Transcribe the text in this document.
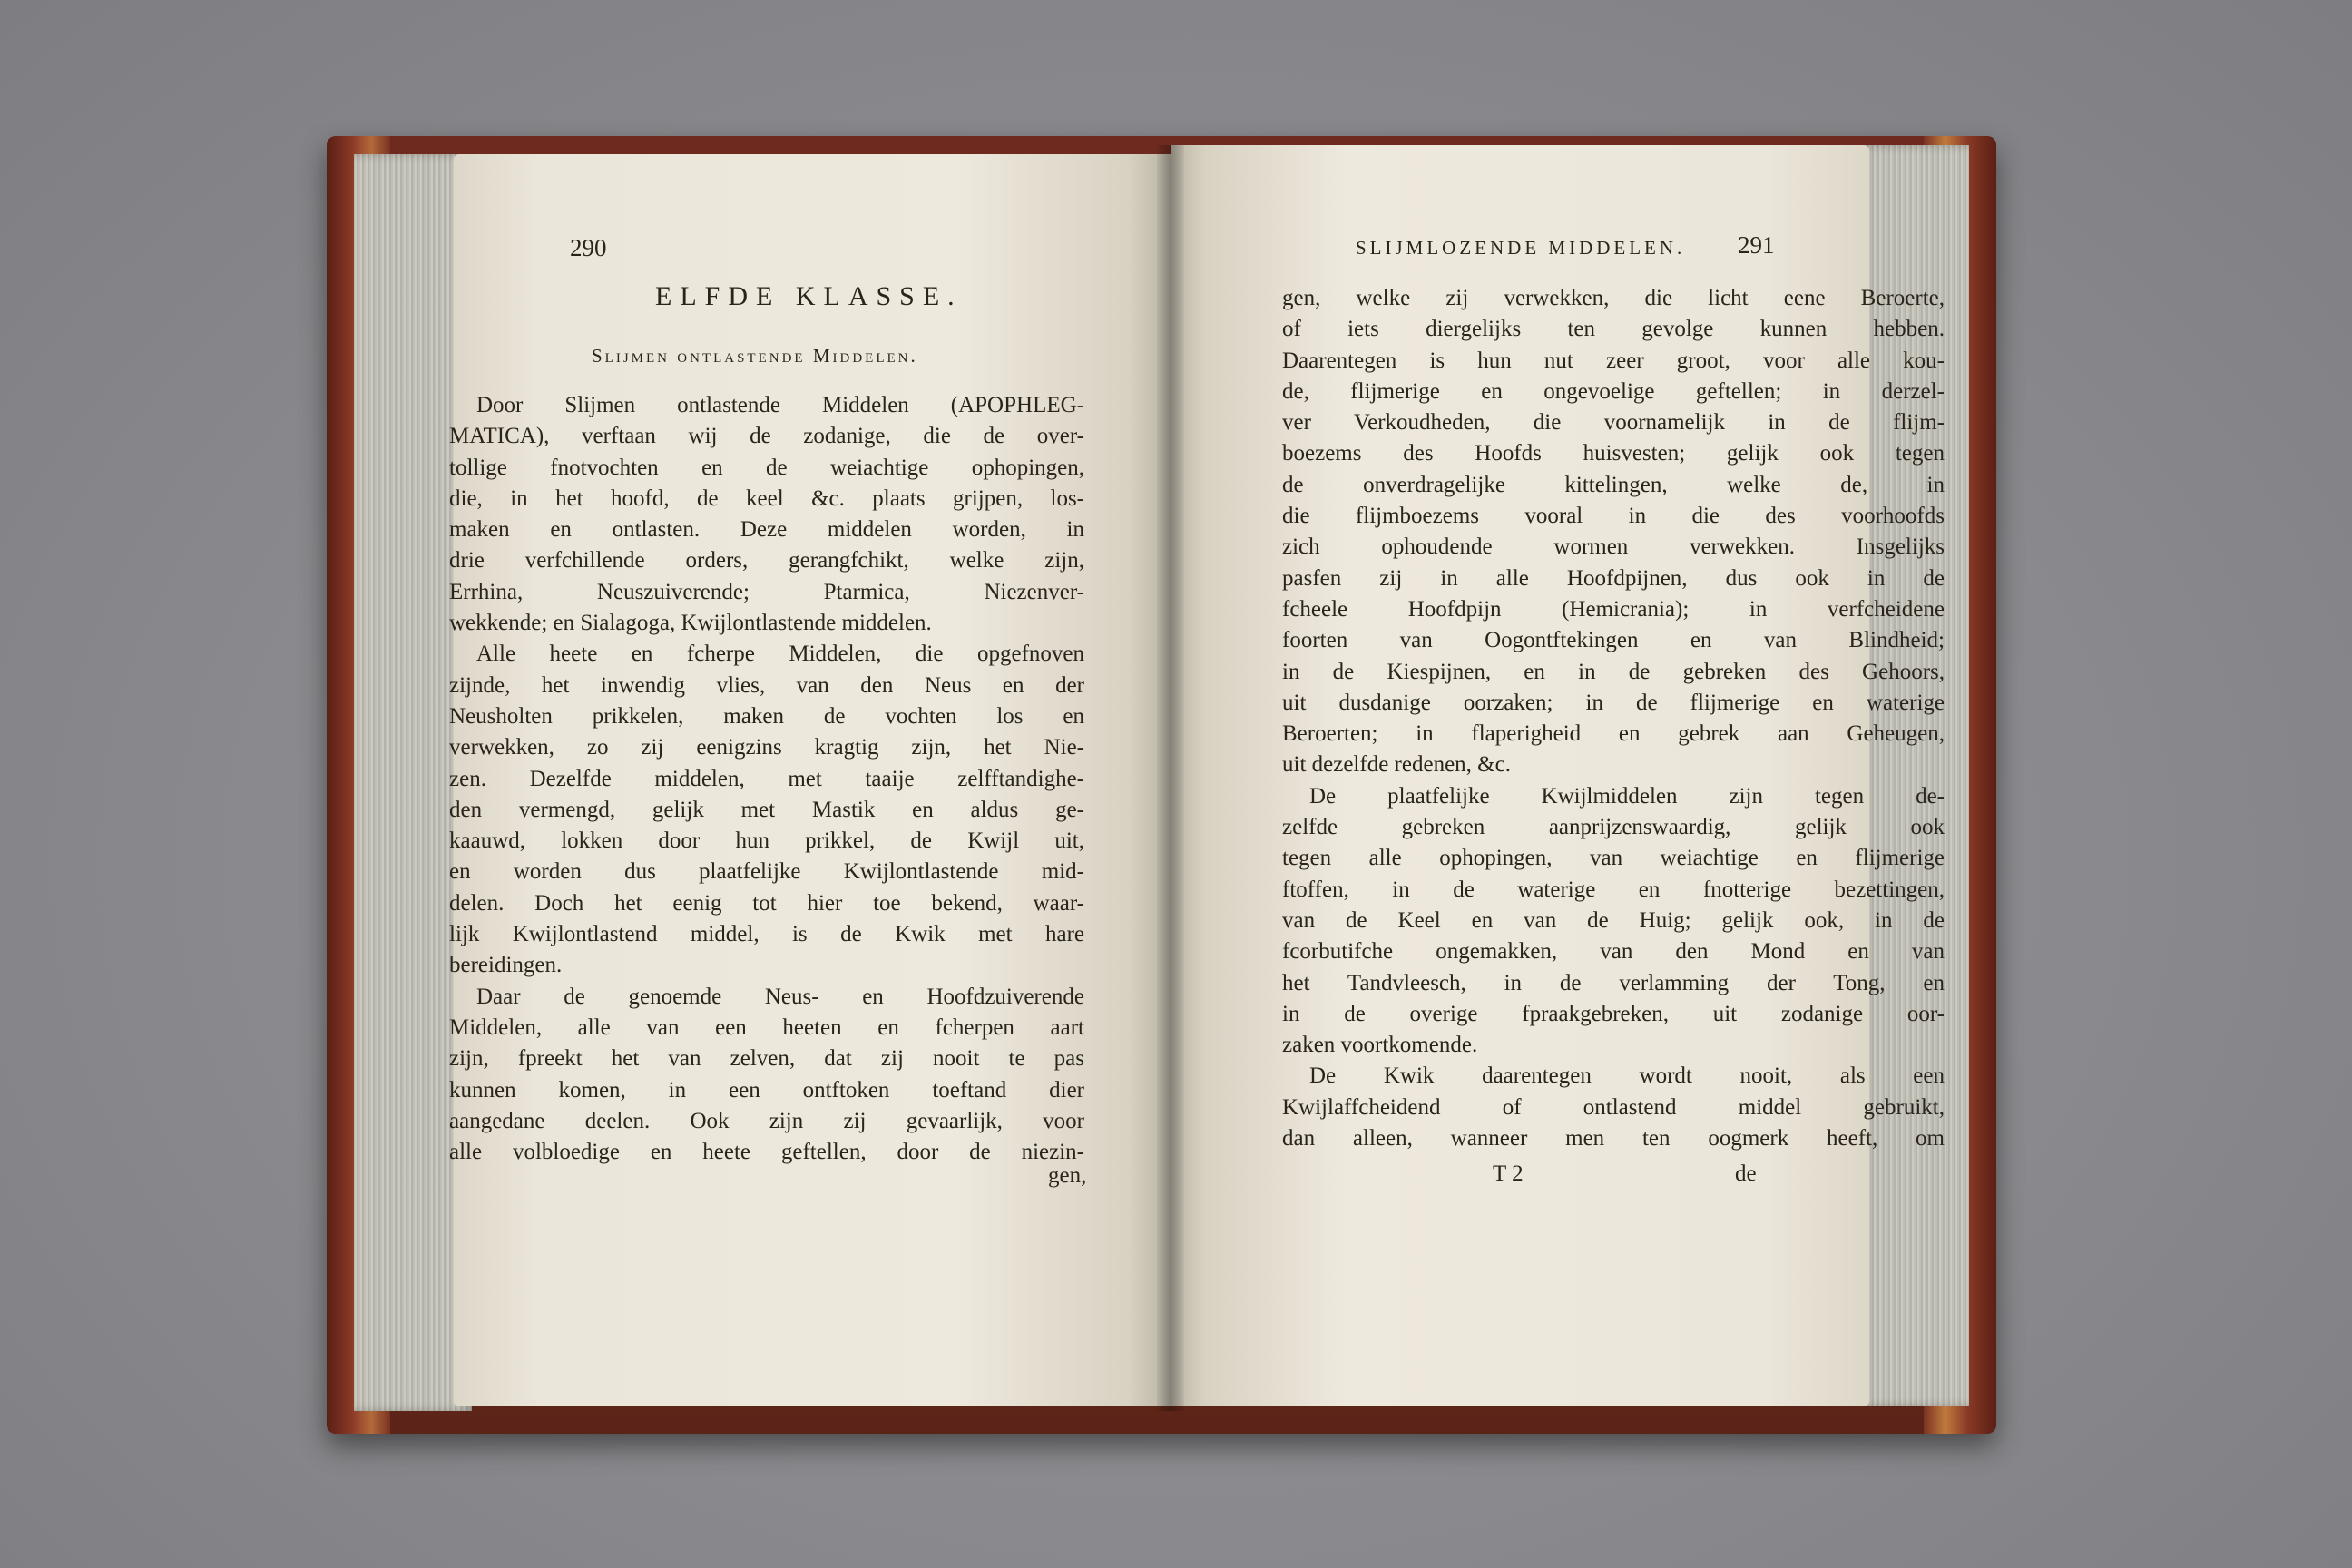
290
ELFDE KLASSE.
Slijmen ontlastende Middelen.
Door Slijmen ontlastende Middelen (APOPHLEG-
MATICA), verftaan wij de zodanige, die de over-
tollige fnotvochten en de weiachtige ophopingen,
die, in het hoofd, de keel &c. plaats grijpen, los-
maken en ontlasten. Deze middelen worden, in
drie verfchillende orders, gerangfchikt, welke zijn,
Errhina, Neuszuiverende; Ptarmica, Niezenver-
wekkende; en Sialagoga, Kwijlontlastende middelen.
Alle heete en fcherpe Middelen, die opgefnoven
zijnde, het inwendig vlies, van den Neus en der
Neusholten prikkelen, maken de vochten los en
verwekken, zo zij eenigzins kragtig zijn, het Nie-
zen. Dezelfde middelen, met taaije zelfftandighe-
den vermengd, gelijk met Mastik en aldus ge-
kaauwd, lokken door hun prikkel, de Kwijl uit,
en worden dus plaatfelijke Kwijlontlastende mid-
delen. Doch het eenig tot hier toe bekend, waar-
lijk Kwijlontlastend middel, is de Kwik met hare
bereidingen.
Daar de genoemde Neus- en Hoofdzuiverende
Middelen, alle van een heeten en fcherpen aart
zijn, fpreekt het van zelven, dat zij nooit te pas
kunnen komen, in een ontftoken toeftand dier
aangedane deelen. Ook zijn zij gevaarlijk, voor
alle volbloedige en heete geftellen, door de niezin-
gen,
SLIJMLOZENDE MIDDELEN. 291
gen, welke zij verwekken, die licht eene Beroerte,
of iets diergelijks ten gevolge kunnen hebben.
Daarentegen is hun nut zeer groot, voor alle kou-
de, flijmerige en ongevoelige geftellen; in derzel-
ver Verkoudheden, die voornamelijk in de flijm-
boezems des Hoofds huisvesten; gelijk ook tegen
de onverdragelijke kittelingen, welke de, in
die flijmboezems vooral in die des voorhoofds
zich ophoudende wormen verwekken. Insgelijks
pasfen zij in alle Hoofdpijnen, dus ook in de
fcheele Hoofdpijn (Hemicrania); in verfcheidene
foorten van Oogontftekingen en van Blindheid;
in de Kiespijnen, en in de gebreken des Gehoors,
uit dusdanige oorzaken; in de flijmerige en waterige
Beroerten; in flaperigheid en gebrek aan Geheugen,
uit dezelfde redenen, &c.
De plaatfelijke Kwijlmiddelen zijn tegen de-
zelfde gebreken aanprijzenswaardig, gelijk ook
tegen alle ophopingen, van weiachtige en flijmerige
ftoffen, in de waterige en fnotterige bezettingen,
van de Keel en van de Huig; gelijk ook, in de
fcorbutifche ongemakken, van den Mond en van
het Tandvleesch, in de verlamming der Tong, en
in de overige fpraakgebreken, uit zodanige oor-
zaken voortkomende.
De Kwik daarentegen wordt nooit, als een
Kwijlaffcheidend of ontlastend middel gebruikt,
dan alleen, wanneer men ten oogmerk heeft, om
T 2	de
